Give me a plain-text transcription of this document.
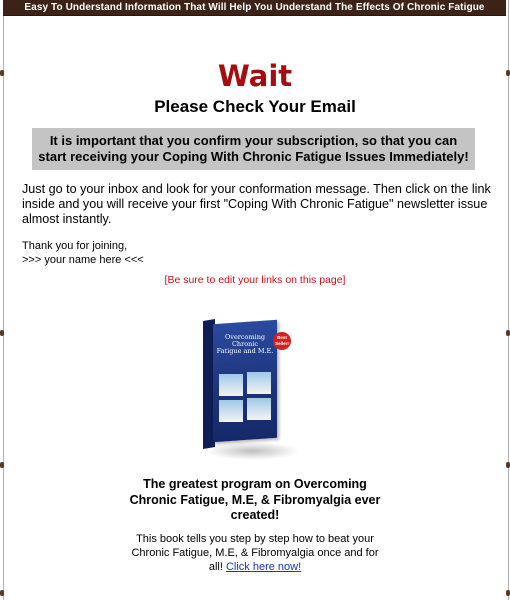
Easy To Understand Information That Will Help You Understand The Effects Of Chronic Fatigue Syndrome
Wait
Please Check Your Email
It is important that you confirm your subscription, so that you can
start receiving your Coping With Chronic Fatigue Issues Immediately!
Just go to your inbox and look for your conformation message. Then click on the link inside and you will receive your first "Coping With Chronic Fatigue" newsletter issue almost instantly.
Thank you for joining,
>>> your name here <<<
[Be sure to edit your links on this page]
Overcoming Chronic
Fatigue and M.E.
Best Seller!
The greatest program on Overcoming Chronic Fatigue, M.E, & Fibromyalgia ever created!
This book tells you step by step how to beat your Chronic Fatigue, M.E, & Fibromyalgia once and for all! Click here now!
